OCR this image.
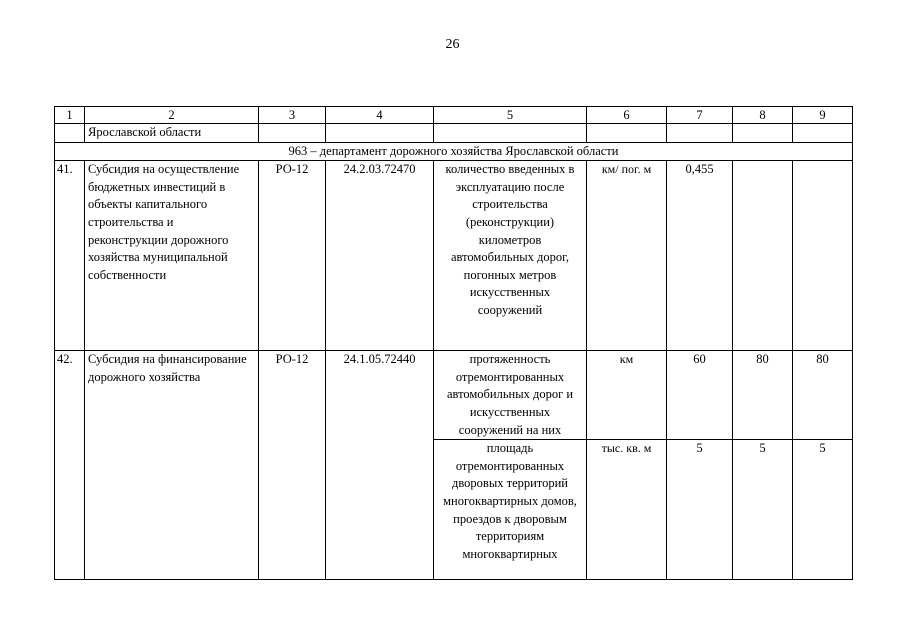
26
1	2	3	4	5	6	7	8	9
	Ярославской области							
963 – департамент дорожного хозяйства Ярославской области								
41.	Субсидия на осуществление бюджетных инвестиций в объекты капитального строительства и реконструкции дорожного хозяйства муниципальной собственности	РО-12	24.2.03.72470	количество введенных в эксплуатацию после строительства (реконструкции) километров автомобильных дорог, погонных метров искусственных сооружений	км/ пог. м	0,455		
42.	Субсидия на финансирование дорожного хозяйства	РО-12	24.1.05.72440	протяженность отремонтированных автомобильных дорог и искусственных сооружений на них	км	60	80	80
				площадь отремонтированных дворовых территорий многоквартирных домов, проездов к дворовым территориям многоквартирных	тыс. кв. м	5	5	5
